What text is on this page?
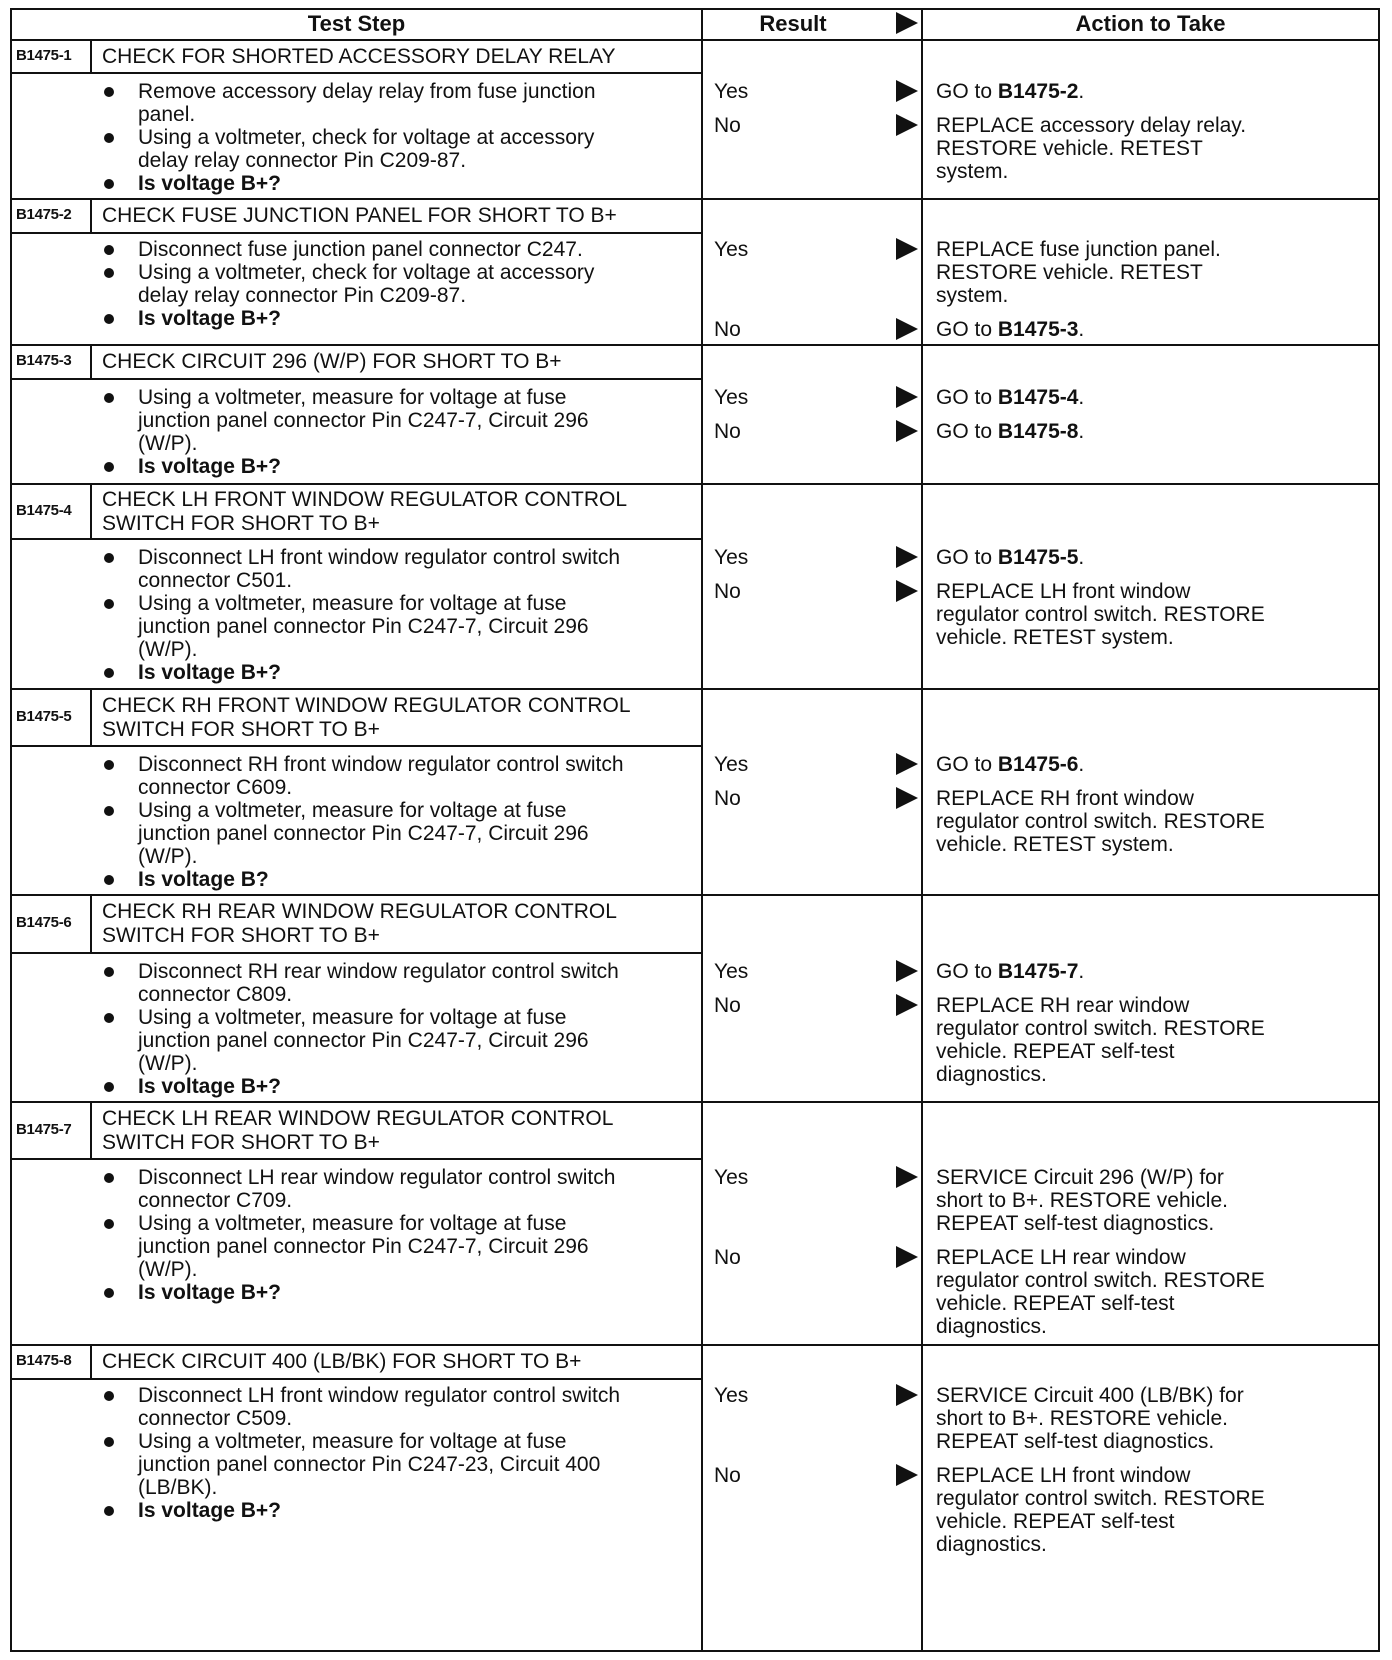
Test Step	Result	Action to Take
B1475-1 CHECK FOR SHORTED ACCESSORY DELAY RELAY
Remove accessory delay relay from fuse junction
panel.
Using a voltmeter, check for voltage at accessory
delay relay connector Pin C209-87.
Is voltage B+?
Yes	GO to B1475-2.
No	REPLACE accessory delay relay.
RESTORE vehicle. RETEST
system.
B1475-2 CHECK FUSE JUNCTION PANEL FOR SHORT TO B+
Disconnect fuse junction panel connector C247.
Using a voltmeter, check for voltage at accessory
delay relay connector Pin C209-87.
Is voltage B+?
Yes	REPLACE fuse junction panel.
RESTORE vehicle. RETEST
system.
No	GO to B1475-3.
B1475-3 CHECK CIRCUIT 296 (W/P) FOR SHORT TO B+
Using a voltmeter, measure for voltage at fuse
junction panel connector Pin C247-7, Circuit 296
(W/P).
Is voltage B+?
Yes	GO to B1475-4.
No	GO to B1475-8.
B1475-4 CHECK LH FRONT WINDOW REGULATOR CONTROL
SWITCH FOR SHORT TO B+
Disconnect LH front window regulator control switch
connector C501.
Using a voltmeter, measure for voltage at fuse
junction panel connector Pin C247-7, Circuit 296
(W/P).
Is voltage B+?
Yes	GO to B1475-5.
No	REPLACE LH front window
regulator control switch. RESTORE
vehicle. RETEST system.
B1475-5 CHECK RH FRONT WINDOW REGULATOR CONTROL
SWITCH FOR SHORT TO B+
Disconnect RH front window regulator control switch
connector C609.
Using a voltmeter, measure for voltage at fuse
junction panel connector Pin C247-7, Circuit 296
(W/P).
Is voltage B?
Yes	GO to B1475-6.
No	REPLACE RH front window
regulator control switch. RESTORE
vehicle. RETEST system.
B1475-6 CHECK RH REAR WINDOW REGULATOR CONTROL
SWITCH FOR SHORT TO B+
Disconnect RH rear window regulator control switch
connector C809.
Using a voltmeter, measure for voltage at fuse
junction panel connector Pin C247-7, Circuit 296
(W/P).
Is voltage B+?
Yes	GO to B1475-7.
No	REPLACE RH rear window
regulator control switch. RESTORE
vehicle. REPEAT self-test
diagnostics.
B1475-7 CHECK LH REAR WINDOW REGULATOR CONTROL
SWITCH FOR SHORT TO B+
Disconnect LH rear window regulator control switch
connector C709.
Using a voltmeter, measure for voltage at fuse
junction panel connector Pin C247-7, Circuit 296
(W/P).
Is voltage B+?
Yes	SERVICE Circuit 296 (W/P) for
short to B+. RESTORE vehicle.
REPEAT self-test diagnostics.
No	REPLACE LH rear window
regulator control switch. RESTORE
vehicle. REPEAT self-test
diagnostics.
B1475-8 CHECK CIRCUIT 400 (LB/BK) FOR SHORT TO B+
Disconnect LH front window regulator control switch
connector C509.
Using a voltmeter, measure for voltage at fuse
junction panel connector Pin C247-23, Circuit 400
(LB/BK).
Is voltage B+?
Yes	SERVICE Circuit 400 (LB/BK) for
short to B+. RESTORE vehicle.
REPEAT self-test diagnostics.
No	REPLACE LH front window
regulator control switch. RESTORE
vehicle. REPEAT self-test
diagnostics.
